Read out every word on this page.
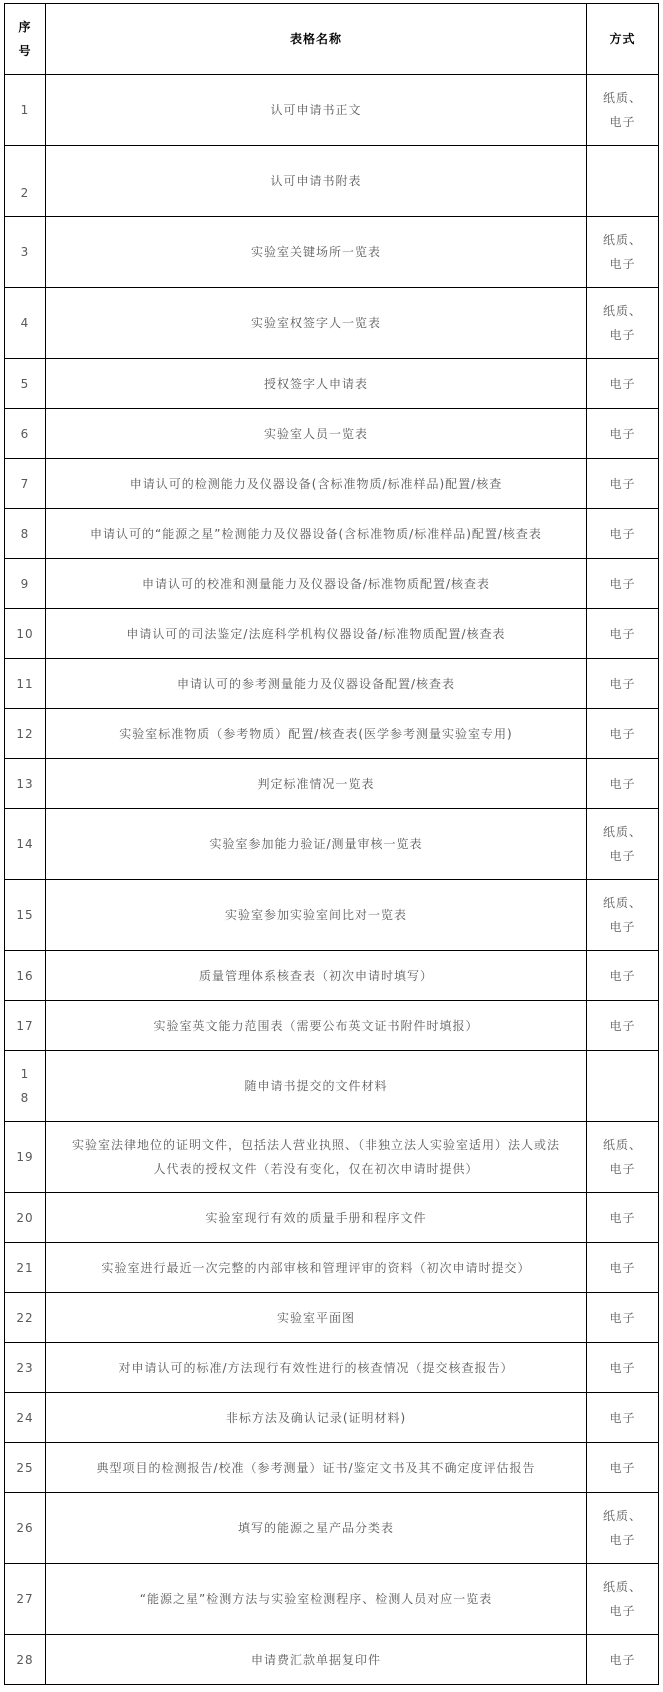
序
号	表格名称	方式
1	认可申请书正文	纸质、
电子

2	认可申请书附表	

3	实验室关键场所一览表	纸质、
电子

4	实验室权签字人一览表	纸质、
电子

5	授权签字人申请表	电子

6	实验室人员一览表	电子

7	申请认可的检测能力及仪器设备(含标准物质/标准样品)配置/核查	电子

8	申请认可的“能源之星”检测能力及仪器设备(含标准物质/标准样品)配置/核查表	电子

9	申请认可的校准和测量能力及仪器设备/标准物质配置/核查表	电子

10	申请认可的司法鉴定/法庭科学机构仪器设备/标准物质配置/核查表	电子

11	申请认可的参考测量能力及仪器设备配置/核查表	电子

12	实验室标准物质（参考物质）配置/核查表(医学参考测量实验室专用)	电子

13	判定标准情况一览表	电子

14	实验室参加能力验证/测量审核一览表	纸质、
电子

15	实验室参加实验室间比对一览表	纸质、
电子

16	质量管理体系核查表（初次申请时填写）	电子

17	实验室英文能力范围表（需要公布英文证书附件时填报）	电子

1
8	随申请书提交的文件材料	

19	实验室法律地位的证明文件，包括法人营业执照、（非独立法人实验室适用）法人或法
人代表的授权文件（若没有变化，仅在初次申请时提供）	纸质、
电子

20	实验室现行有效的质量手册和程序文件	电子

21	实验室进行最近一次完整的内部审核和管理评审的资料（初次申请时提交）	电子

22	实验室平面图	电子

23	对申请认可的标准/方法现行有效性进行的核查情况（提交核查报告）	电子

24	非标方法及确认记录(证明材料)	电子

25	典型项目的检测报告/校准（参考测量）证书/鉴定文书及其不确定度评估报告	电子

26	填写的能源之星产品分类表	纸质、
电子

27	“能源之星”检测方法与实验室检测程序、检测人员对应一览表	纸质、
电子

28	申请费汇款单据复印件	电子
